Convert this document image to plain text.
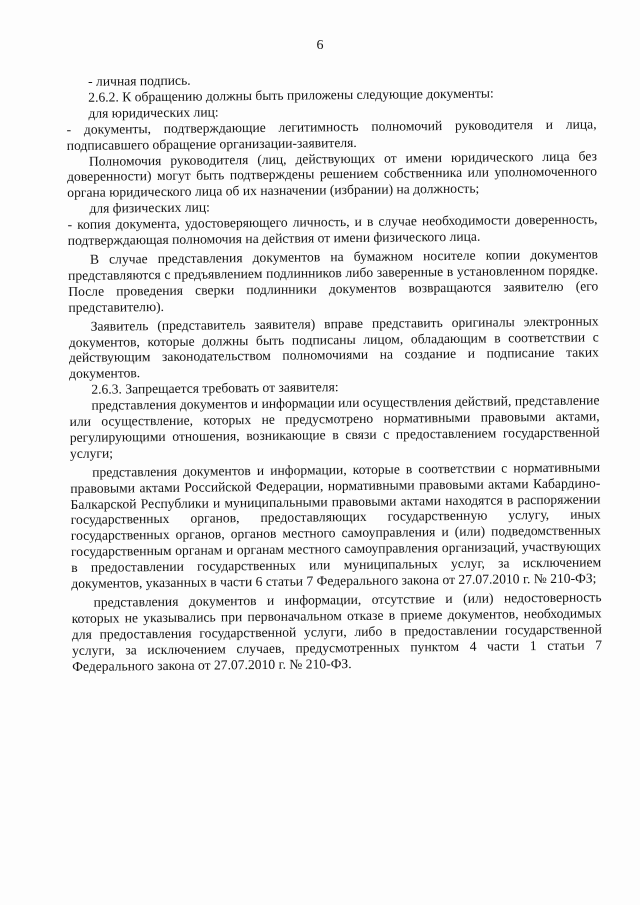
6

- личная подпись.

2.6.2. К обращению должны быть приложены следующие документы:

для юридических лиц:

- документы, подтверждающие легитимность полномочий руководителя и лица, подписавшего обращение организации-заявителя.

Полномочия руководителя (лиц, действующих от имени юридического лица без доверенности) могут быть подтверждены решением собственника или уполномоченного органа юридического лица об их назначении (избрании) на должность;

для физических лиц:

- копия документа, удостоверяющего личность, и в случае необходимости доверенность, подтверждающая полномочия на действия от имени физического лица.

В случае представления документов на бумажном носителе копии документов представляются с предъявлением подлинников либо заверенные в установленном порядке. После проведения сверки подлинники документов возвращаются заявителю (его представителю).

Заявитель (представитель заявителя) вправе представить оригиналы электронных документов, которые должны быть подписаны лицом, обладающим в соответствии с действующим законодательством полномочиями на создание и подписание таких документов.

2.6.3. Запрещается требовать от заявителя:

представления документов и информации или осуществления действий, представление или осуществление, которых не предусмотрено нормативными правовыми актами, регулирующими отношения, возникающие в связи с предоставлением государственной услуги;

представления документов и информации, которые в соответствии с нормативными правовыми актами Российской Федерации, нормативными правовыми актами Кабардино-Балкарской Республики и муниципальными правовыми актами находятся в распоряжении государственных органов, предоставляющих государственную услугу, иных государственных органов, органов местного самоуправления и (или) подведомственных государственным органам и органам местного самоуправления организаций, участвующих в предоставлении государственных или муниципальных услуг, за исключением документов, указанных в части 6 статьи 7 Федерального закона от 27.07.2010 г. № 210-ФЗ;

представления документов и информации, отсутствие и (или) недостоверность которых не указывались при первоначальном отказе в приеме документов, необходимых для предоставления государственной услуги, либо в предоставлении государственной услуги, за исключением случаев, предусмотренных пунктом 4 части 1 статьи 7 Федерального закона от 27.07.2010 г. № 210-ФЗ.
